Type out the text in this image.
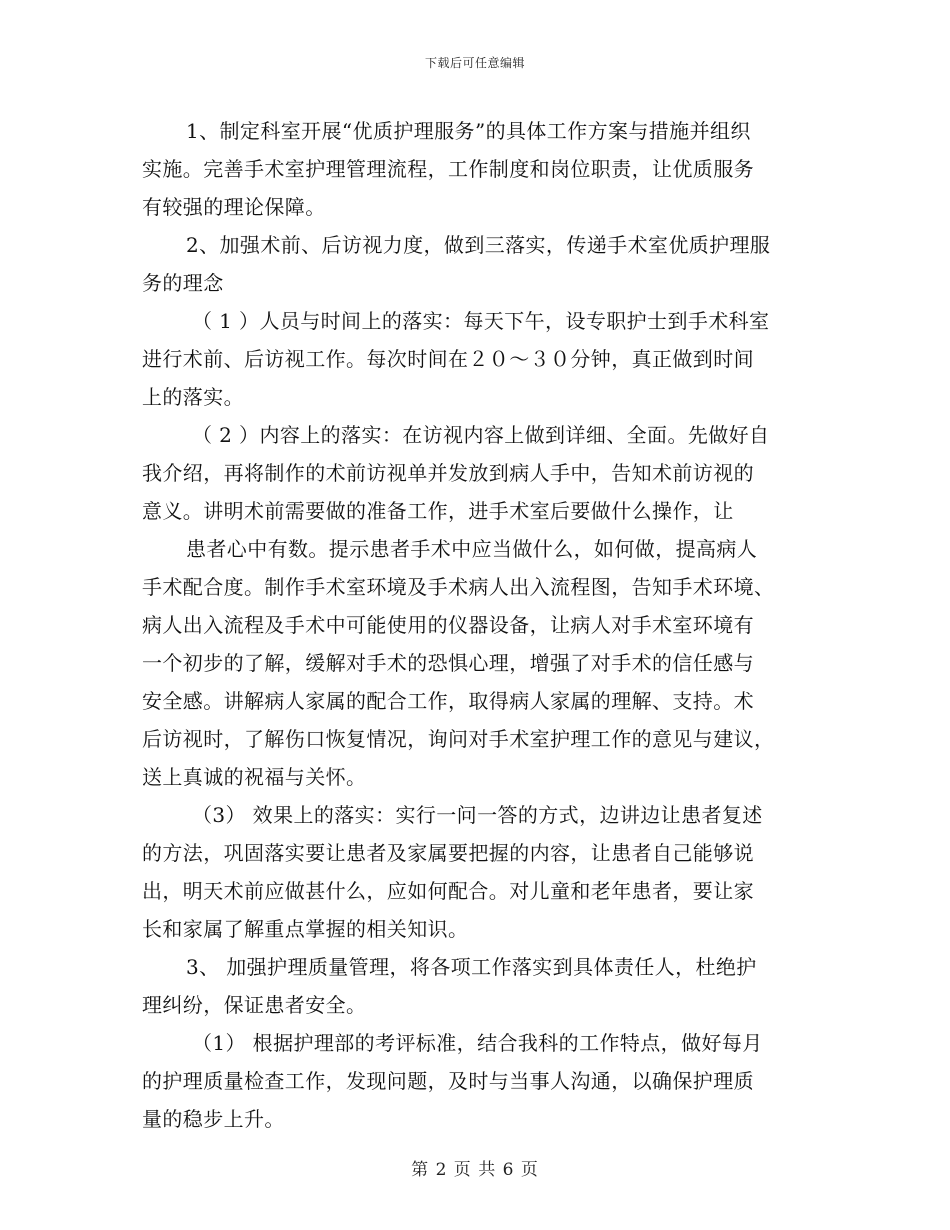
下载后可任意编辑
1、制定科室开展“优质护理服务”的具体工作方案与措施并组织
实施。完善手术室护理管理流程，工作制度和岗位职责，让优质服务
有较强的理论保障。
2、加强术前、后访视力度，做到三落实，传递手术室优质护理服
务的理念
（ 1 ）人员与时间上的落实：每天下午，设专职护士到手术科室
进行术前、后访视工作。每次时间在２０～３０分钟，真正做到时间
上的落实。
（ 2 ）内容上的落实：在访视内容上做到详细、全面。先做好自
我介绍，再将制作的术前访视单并发放到病人手中，告知术前访视的
意义。讲明术前需要做的准备工作，进手术室后要做什么操作，让
患者心中有数。提示患者手术中应当做什么，如何做，提高病人
手术配合度。制作手术室环境及手术病人出入流程图，告知手术环境、
病人出入流程及手术中可能使用的仪器设备，让病人对手术室环境有
一个初步的了解，缓解对手术的恐惧心理，增强了对手术的信任感与
安全感。讲解病人家属的配合工作，取得病人家属的理解、支持。术
后访视时，了解伤口恢复情况，询问对手术室护理工作的意见与建议，
送上真诚的祝福与关怀。
（3） 效果上的落实：实行一问一答的方式，边讲边让患者复述
的方法，巩固落实要让患者及家属要把握的内容，让患者自己能够说
出，明天术前应做甚什么，应如何配合。对儿童和老年患者，要让家
长和家属了解重点掌握的相关知识。
3、 加强护理质量管理，将各项工作落实到具体责任人，杜绝护
理纠纷，保证患者安全。
（1） 根据护理部的考评标准，结合我科的工作特点，做好每月
的护理质量检查工作，发现问题，及时与当事人沟通，以确保护理质
量的稳步上升。
第 2 页 共 6 页
